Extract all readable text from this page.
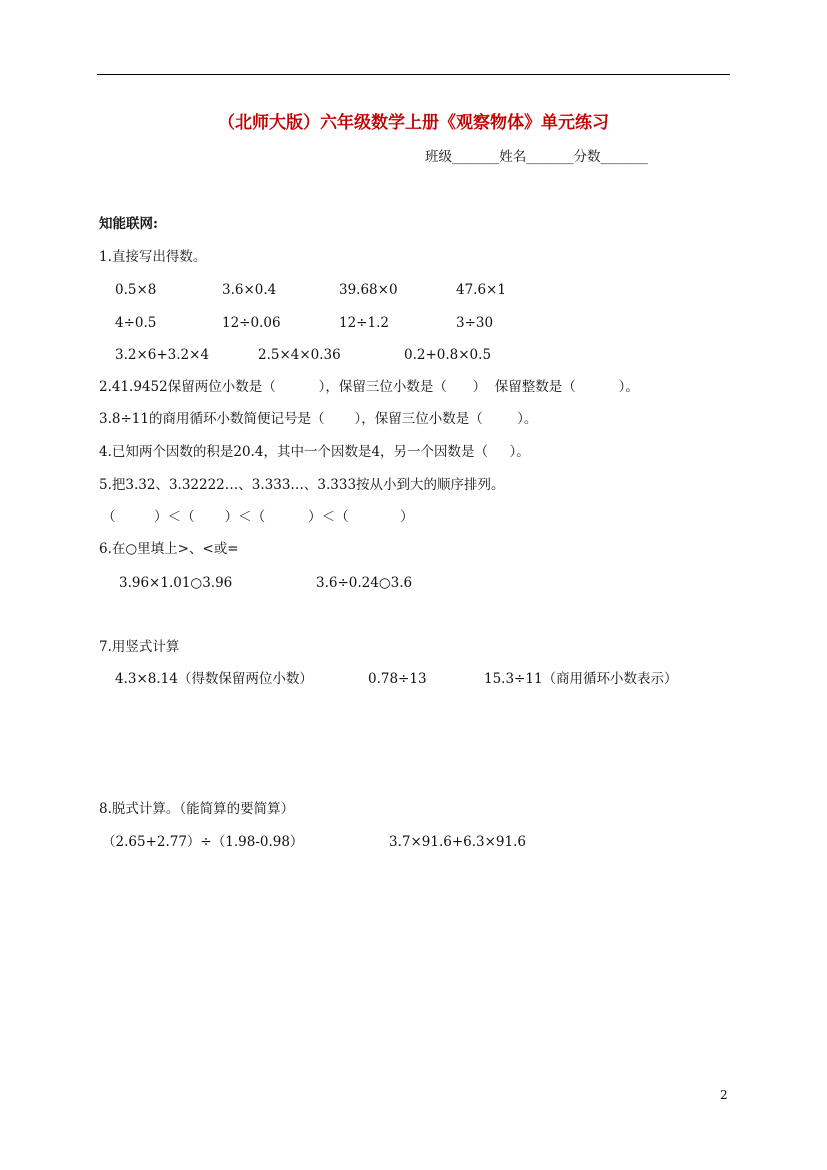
（北师大版）六年级数学上册《观察物体》单元练习
班级_______姓名_______分数_______
知能联网:
1.直接写出得数。
0.5×8	3.6×0.4	39.68×0	47.6×1
4÷0.5	12÷0.06	12÷1.2	3÷30
3.2×6+3.2×4	2.5×4×0.36	0.2+0.8×0.5
2.41.9452保留两位小数是（          ），保留三位小数是（      ）  保留整数是（          ）。
3.8÷11的商用循环小数简便记号是（       ），保留三位小数是（        ）。
4.已知两个因数的积是20.4，其中一个因数是4，另一个因数是（     ）。
5.把3.32、3.32222…、3.333…、3.333按从小到大的顺序排列。
（         ）＜（       ）＜（          ）＜（            ）
6.在○里填上>、<或=
3.96×1.01○3.96	3.6÷0.24○3.6
7.用竖式计算
4.3×8.14（得数保留两位小数）	0.78÷13	15.3÷11（商用循环小数表示）
8.脱式计算。（能简算的要简算）
（2.65+2.77）÷（1.98-0.98）	3.7×91.6+6.3×91.6
2
